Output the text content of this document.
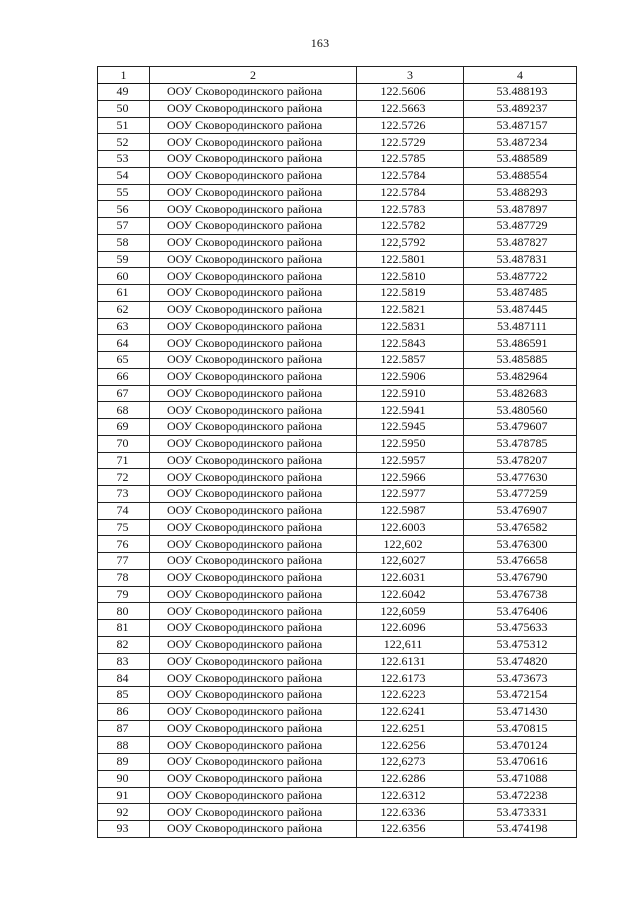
163
1	2	3	4
49	ООУ Сковородинского района	122.5606	53.488193
50	ООУ Сковородинского района	122.5663	53.489237
51	ООУ Сковородинского района	122.5726	53.487157
52	ООУ Сковородинского района	122.5729	53.487234
53	ООУ Сковородинского района	122.5785	53.488589
54	ООУ Сковородинского района	122.5784	53.488554
55	ООУ Сковородинского района	122.5784	53.488293
56	ООУ Сковородинского района	122.5783	53.487897
57	ООУ Сковородинского района	122.5782	53.487729
58	ООУ Сковородинского района	122,5792	53.487827
59	ООУ Сковородинского района	122.5801	53.487831
60	ООУ Сковородинского района	122.5810	53.487722
61	ООУ Сковородинского района	122.5819	53.487485
62	ООУ Сковородинского района	122.5821	53.487445
63	ООУ Сковородинского района	122.5831	53.487111
64	ООУ Сковородинского района	122.5843	53.486591
65	ООУ Сковородинского района	122.5857	53.485885
66	ООУ Сковородинского района	122.5906	53.482964
67	ООУ Сковородинского района	122.5910	53.482683
68	ООУ Сковородинского района	122.5941	53.480560
69	ООУ Сковородинского района	122.5945	53.479607
70	ООУ Сковородинского района	122.5950	53.478785
71	ООУ Сковородинского района	122.5957	53.478207
72	ООУ Сковородинского района	122.5966	53.477630
73	ООУ Сковородинского района	122.5977	53.477259
74	ООУ Сковородинского района	122.5987	53.476907
75	ООУ Сковородинского района	122.6003	53.476582
76	ООУ Сковородинского района	122,602	53.476300
77	ООУ Сковородинского района	122,6027	53.476658
78	ООУ Сковородинского района	122.6031	53.476790
79	ООУ Сковородинского района	122.6042	53.476738
80	ООУ Сковородинского района	122,6059	53.476406
81	ООУ Сковородинского района	122.6096	53.475633
82	ООУ Сковородинского района	122,611	53.475312
83	ООУ Сковородинского района	122.6131	53.474820
84	ООУ Сковородинского района	122.6173	53.473673
85	ООУ Сковородинского района	122.6223	53.472154
86	ООУ Сковородинского района	122.6241	53.471430
87	ООУ Сковородинского района	122.6251	53.470815
88	ООУ Сковородинского района	122.6256	53.470124
89	ООУ Сковородинского района	122,6273	53.470616
90	ООУ Сковородинского района	122.6286	53.471088
91	ООУ Сковородинского района	122.6312	53.472238
92	ООУ Сковородинского района	122.6336	53.473331
93	ООУ Сковородинского района	122.6356	53.474198
